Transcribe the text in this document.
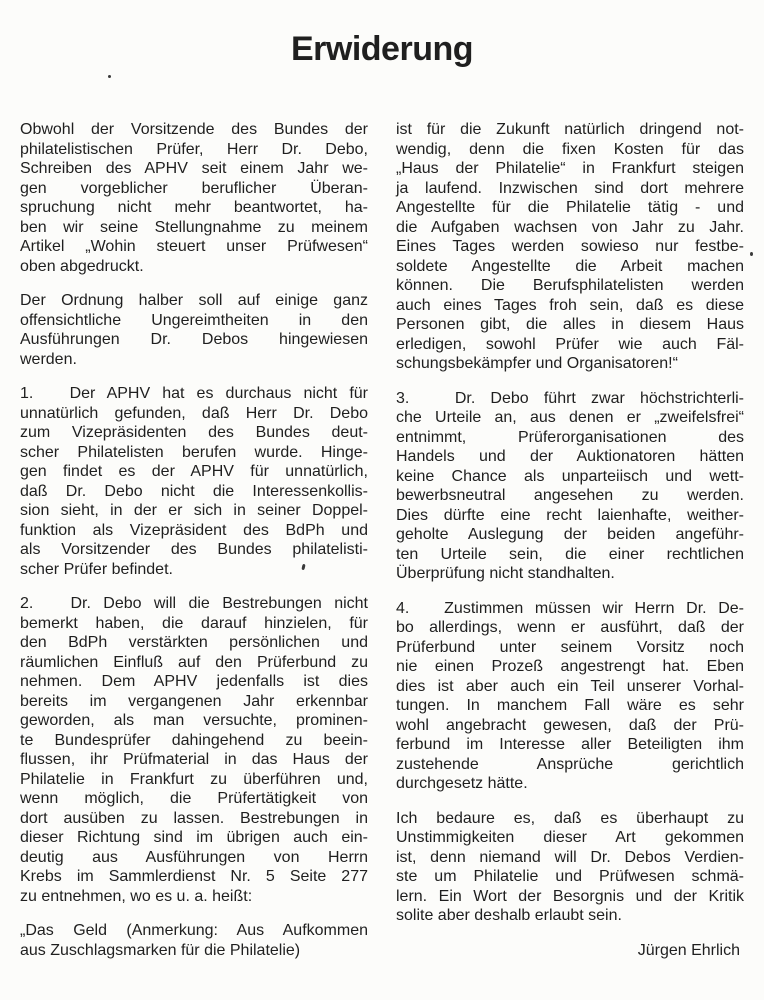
Erwiderung
Obwohl der Vorsitzende des Bundes der
philatelistischen Prüfer, Herr Dr. Debo,
Schreiben des APHV seit einem Jahr we-
gen vorgeblicher beruflicher Überan-
spruchung nicht mehr beantwortet, ha-
ben wir seine Stellungnahme zu meinem
Artikel „Wohin steuert unser Prüfwesen“
oben abgedruckt.
Der Ordnung halber soll auf einige ganz
offensichtliche Ungereimtheiten in den
Ausführungen Dr. Debos hingewiesen
werden.
1.   Der APHV hat es durchaus nicht für
unnatürlich gefunden, daß Herr Dr. Debo
zum Vizepräsidenten des Bundes deut-
scher Philatelisten berufen wurde. Hinge-
gen findet es der APHV für unnatürlich,
daß Dr. Debo nicht die Interessenkollis-
sion sieht, in der er sich in seiner Doppel-
funktion als Vizepräsident des BdPh und
als Vorsitzender des Bundes philatelisti-
scher Prüfer befindet.
2.   Dr. Debo will die Bestrebungen nicht
bemerkt haben, die darauf hinzielen, für
den BdPh verstärkten persönlichen und
räumlichen Einfluß auf den Prüferbund zu
nehmen. Dem APHV jedenfalls ist dies
bereits im vergangenen Jahr erkennbar
geworden, als man versuchte, prominen-
te Bundesprüfer dahingehend zu beein-
flussen, ihr Prüfmaterial in das Haus der
Philatelie in Frankfurt zu überführen und,
wenn möglich, die Prüfertätigkeit von
dort ausüben zu lassen. Bestrebungen in
dieser Richtung sind im übrigen auch ein-
deutig aus Ausführungen von Herrn
Krebs im Sammlerdienst Nr. 5 Seite 277
zu entnehmen, wo es u. a. heißt:
„Das Geld (Anmerkung: Aus Aufkommen
aus Zuschlagsmarken für die Philatelie)
ist für die Zukunft natürlich dringend not-
wendig, denn die fixen Kosten für das
„Haus der Philatelie“ in Frankfurt steigen
ja laufend. Inzwischen sind dort mehrere
Angestellte für die Philatelie tätig - und
die Aufgaben wachsen von Jahr zu Jahr.
Eines Tages werden sowieso nur festbe-
soldete Angestellte die Arbeit machen
können. Die Berufsphilatelisten werden
auch eines Tages froh sein, daß es diese
Personen gibt, die alles in diesem Haus
erledigen, sowohl Prüfer wie auch Fäl-
schungsbekämpfer und Organisatoren!“
3.   Dr. Debo führt zwar höchstrichterli-
che Urteile an, aus denen er „zweifelsfrei“
entnimmt, Prüferorganisationen des
Handels und der Auktionatoren hätten
keine Chance als unparteiisch und wett-
bewerbsneutral angesehen zu werden.
Dies dürfte eine recht laienhafte, weither-
geholte Auslegung der beiden angeführ-
ten Urteile sein, die einer rechtlichen
Überprüfung nicht standhalten.
4.   Zustimmen müssen wir Herrn Dr. De-
bo allerdings, wenn er ausführt, daß der
Prüferbund unter seinem Vorsitz noch
nie einen Prozeß angestrengt hat. Eben
dies ist aber auch ein Teil unserer Vorhal-
tungen. In manchem Fall wäre es sehr
wohl angebracht gewesen, daß der Prü-
ferbund im Interesse aller Beteiligten ihm
zustehende Ansprüche gerichtlich
durchgesetz hätte.
Ich bedaure es, daß es überhaupt zu
Unstimmigkeiten dieser Art gekommen
ist, denn niemand will Dr. Debos Verdien-
ste um Philatelie und Prüfwesen schmä-
lern. Ein Wort der Besorgnis und der Kritik
solite aber deshalb erlaubt sein.
Jürgen Ehrlich
